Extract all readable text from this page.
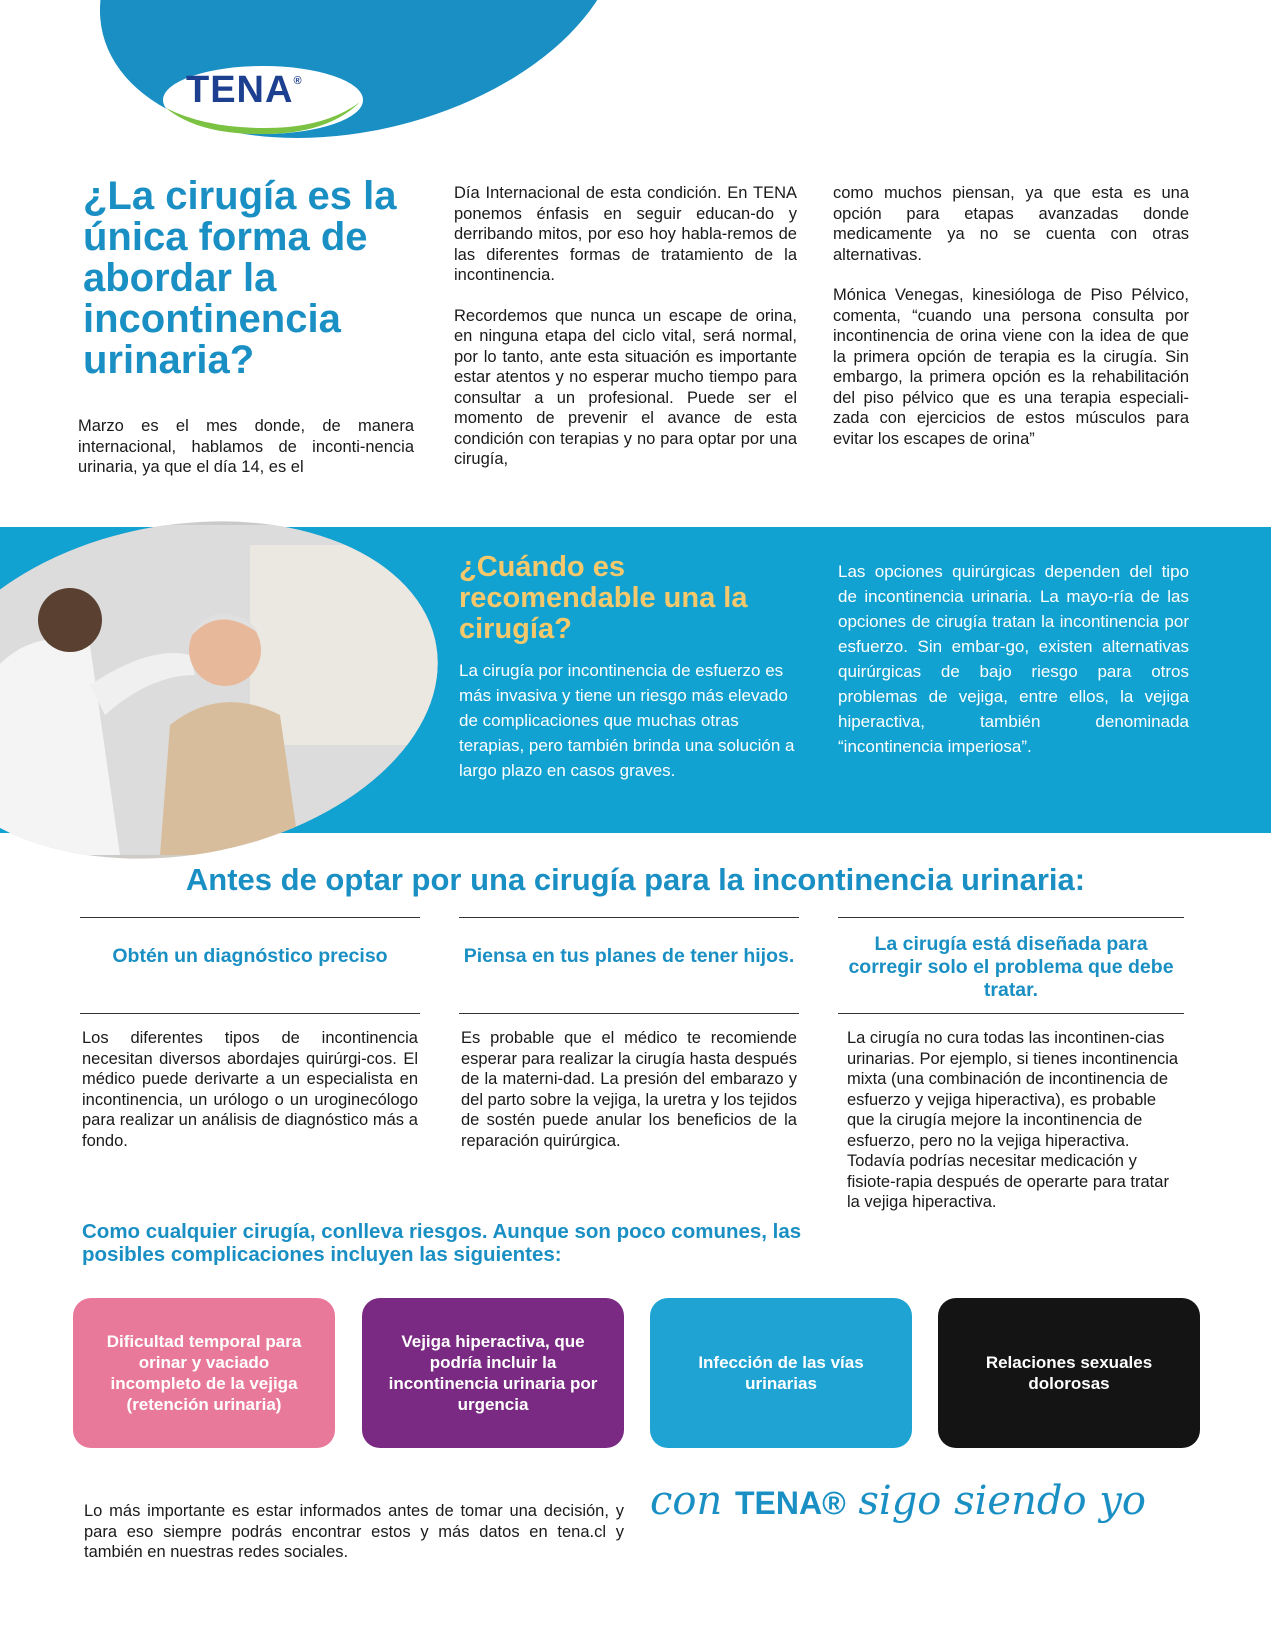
TENA®
¿La cirugía es la única forma de abordar la incontinencia urinaria?

Marzo es el mes donde, de manera internacional, hablamos de inconti-nencia urinaria, ya que el día 14, es el

Día Internacional de esta condición. En TENA ponemos énfasis en seguir educan-do y derribando mitos, por eso hoy habla-remos de las diferentes formas de tratamiento de la incontinencia.

Recordemos que nunca un escape de orina, en ninguna etapa del ciclo vital, será normal, por lo tanto, ante esta situación es importante estar atentos y no esperar mucho tiempo para consultar a un profesional. Puede ser el momento de prevenir el avance de esta condición con terapias y no para optar por una cirugía,

como muchos piensan, ya que esta es una opción para etapas avanzadas donde medicamente ya no se cuenta con otras alternativas.

Mónica Venegas, kinesióloga de Piso Pélvico, comenta, “cuando una persona consulta por incontinencia de orina viene con la idea de que la primera opción de terapia es la cirugía. Sin embargo, la primera opción es la rehabilitación del piso pélvico que es una terapia especiali-zada con ejercicios de estos músculos para evitar los escapes de orina”

¿Cuándo es recomendable una la cirugía?

La cirugía por incontinencia de esfuerzo es más invasiva y tiene un riesgo más elevado de complicaciones que muchas otras terapias, pero también brinda una solución a largo plazo en casos graves.

Las opciones quirúrgicas dependen del tipo de incontinencia urinaria. La mayo-ría de las opciones de cirugía tratan la incontinencia por esfuerzo. Sin embar-go, existen alternativas quirúrgicas de bajo riesgo para otros problemas de vejiga, entre ellos, la vejiga hiperactiva, también denominada “incontinencia imperiosa”.

Antes de optar por una cirugía para la incontinencia urinaria:
Obtén un diagnóstico preciso	Piensa en tus planes de tener hijos.
La cirugía está diseñada para corregir solo el problema que debe tratar.

Los diferentes tipos de incontinencia necesitan diversos abordajes quirúrgi-cos. El médico puede derivarte a un especialista en incontinencia, un urólogo o un uroginecólogo para realizar un análisis de diagnóstico más a fondo.

Es probable que el médico te recomiende esperar para realizar la cirugía hasta después de la materni-dad. La presión del embarazo y del parto sobre la vejiga, la uretra y los tejidos de sostén puede anular los beneficios de la reparación quirúrgica.

La cirugía no cura todas las incontinen-cias urinarias. Por ejemplo, si tienes incontinencia mixta (una combinación de incontinencia de esfuerzo y vejiga hiperactiva), es probable que la cirugía mejore la incontinencia de esfuerzo, pero no la vejiga hiperactiva. Todavía podrías necesitar medicación y fisiote-rapia después de operarte para tratar la vejiga hiperactiva.

Como cualquier cirugía, conlleva riesgos. Aunque son poco comunes, las posibles complicaciones incluyen las siguientes:
Dificultad temporal para orinar y vaciado incompleto de la vejiga (retención urinaria)
Vejiga hiperactiva, que podría incluir la incontinencia urinaria por urgencia
Infección de las vías urinarias
Relaciones sexuales dolorosas

Lo más importante es estar informados antes de tomar una decisión, y para eso siempre podrás encontrar estos y más datos en tena.cl y también en nuestras redes sociales.

con TENA® sigo siendo yo
